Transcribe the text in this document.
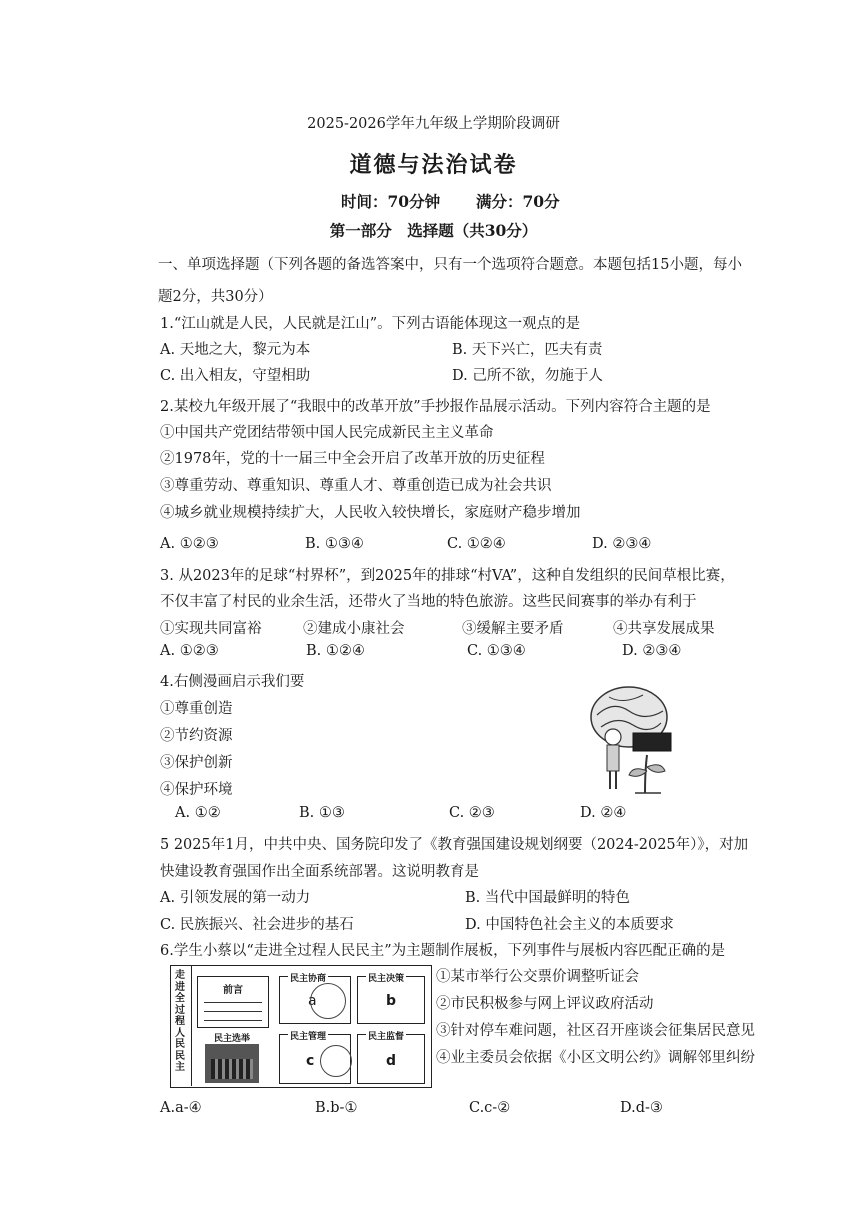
2025-2026学年九年级上学期阶段调研
道德与法治试卷
时间：70分钟 满分：70分
第一部分　选择题（共30分）
一、单项选择题（下列各题的备选答案中，只有一个选项符合题意。本题包括15小题，每小
题2分，共30分）
1.“江山就是人民，人民就是江山”。下列古语能体现这一观点的是
A. 天地之大，黎元为本	B. 天下兴亡，匹夫有责
C. 出入相友，守望相助	D. 己所不欲，勿施于人
2.某校九年级开展了“我眼中的改革开放”手抄报作品展示活动。下列内容符合主题的是
①中国共产党团结带领中国人民完成新民主主义革命
②1978年，党的十一届三中全会开启了改革开放的历史征程
③尊重劳动、尊重知识、尊重人才、尊重创造已成为社会共识
④城乡就业规模持续扩大，人民收入较快增长，家庭财产稳步增加
A. ①②③	B. ①③④	C. ①②④	D. ②③④
3. 从2023年的足球“村界杯”，到2025年的排球“村VA”，这种自发组织的民间草根比赛，
不仅丰富了村民的业余生活，还带火了当地的特色旅游。这些民间赛事的举办有利于
①实现共同富裕	②建成小康社会	③缓解主要矛盾	④共享发展成果
A. ①②③	B. ①②④	C. ①③④	D. ②③④
4.右侧漫画启示我们要
①尊重创造
②节约资源
③保护创新
④保护环境
A. ①②	B. ①③	C. ②③	D. ②④
5 2025年1月，中共中央、国务院印发了《教育强国建设规划纲要（2024-2025年）》，对加
快建设教育强国作出全面系统部署。这说明教育是
A. 引领发展的第一动力	B. 当代中国最鲜明的特色
C. 民族振兴、社会进步的基石	D. 中国特色社会主义的本质要求
6.学生小蔡以“走进全过程人民民主”为主题制作展板，下列事件与展板内容匹配正确的是
走
进
全
过
程
人
民
民
主
前言
民主选举
民主协商
a
民主决策
b
民主管理
c
民主监督
d
①某市举行公交票价调整听证会
②市民积极参与网上评议政府活动
③针对停车难问题，社区召开座谈会征集居民意见
④业主委员会依据《小区文明公约》调解邻里纠纷
A.a-④	B.b-①	C.c-②	D.d-③
